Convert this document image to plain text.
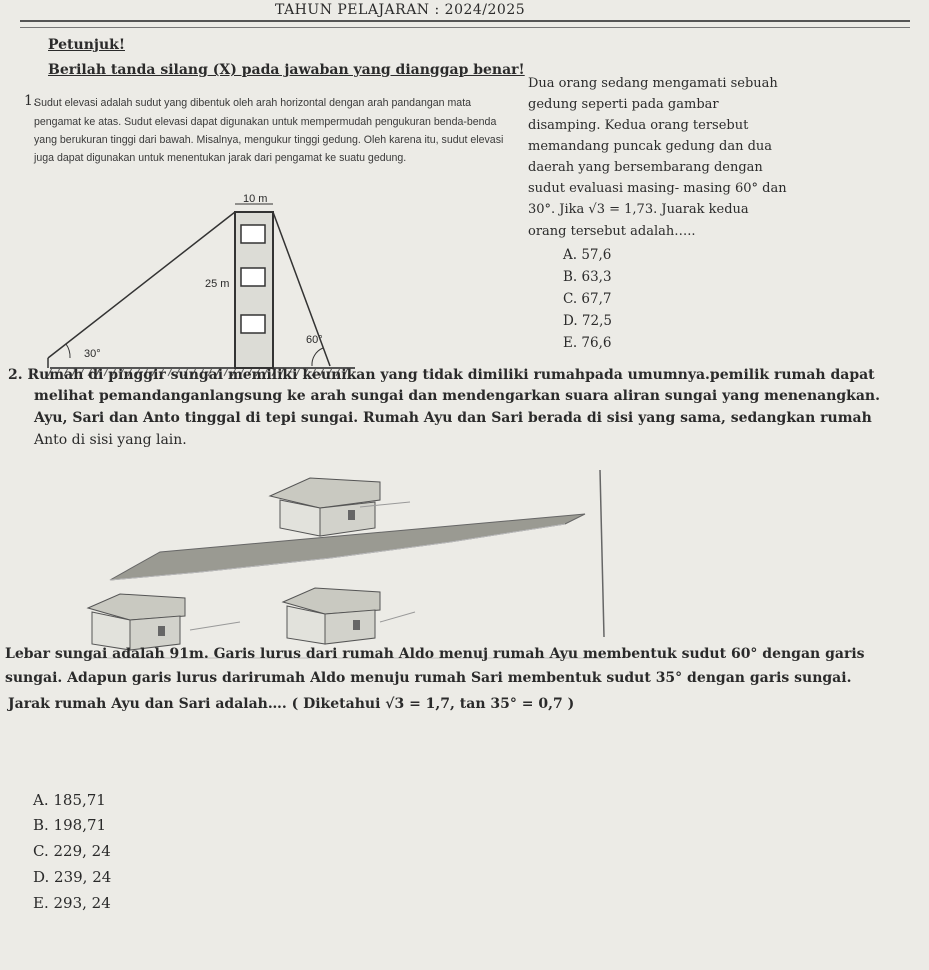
TAHUN PELAJARAN : 2024/2025
Petunjuk!
Berilah tanda silang (X) pada jawaban yang dianggap benar!
1.
Sudut elevasi adalah sudut yang dibentuk oleh arah horizontal dengan arah pandangan mata
pengamat ke atas. Sudut elevasi dapat digunakan untuk mempermudah pengukuran benda-benda
yang berukuran tinggi dari bawah. Misalnya, mengukur tinggi gedung. Oleh karena itu, sudut elevasi
juga dapat digunakan untuk menentukan jarak dari pengamat ke suatu gedung.
Dua orang sedang mengamati sebuah
gedung seperti pada gambar
disamping. Kedua orang tersebut
memandang puncak gedung dan dua
daerah yang bersembarang dengan
sudut evaluasi masing- masing 60° dan
30°. Jika √3 = 1,73. Juarak kedua
orang tersebut adalah…..
A. 57,6
B. 63,3
C. 67,7
D. 72,5
E. 76,6
10 m
25 m
30°
60°
2. Rumah di pinggir sungai memiliki keunikan yang tidak dimiliki rumahpada umumnya.pemilik rumah dapat
melihat pemandanganlangsung ke arah sungai dan mendengarkan suara aliran sungai yang menenangkan.
Ayu, Sari dan Anto tinggal di tepi sungai. Rumah Ayu dan Sari berada di sisi yang sama, sedangkan rumah
Anto di sisi yang lain.
Lebar sungai adalah 91m. Garis lurus dari rumah Aldo menuj rumah Ayu membentuk sudut 60° dengan garis
sungai. Adapun garis lurus darirumah Aldo menuju rumah Sari membentuk sudut 35° dengan garis sungai.
Jarak rumah Ayu dan Sari adalah…. ( Diketahui √3 = 1,7, tan 35° = 0,7 )
A. 185,71
B. 198,71
C. 229, 24
D. 239, 24
E. 293, 24
